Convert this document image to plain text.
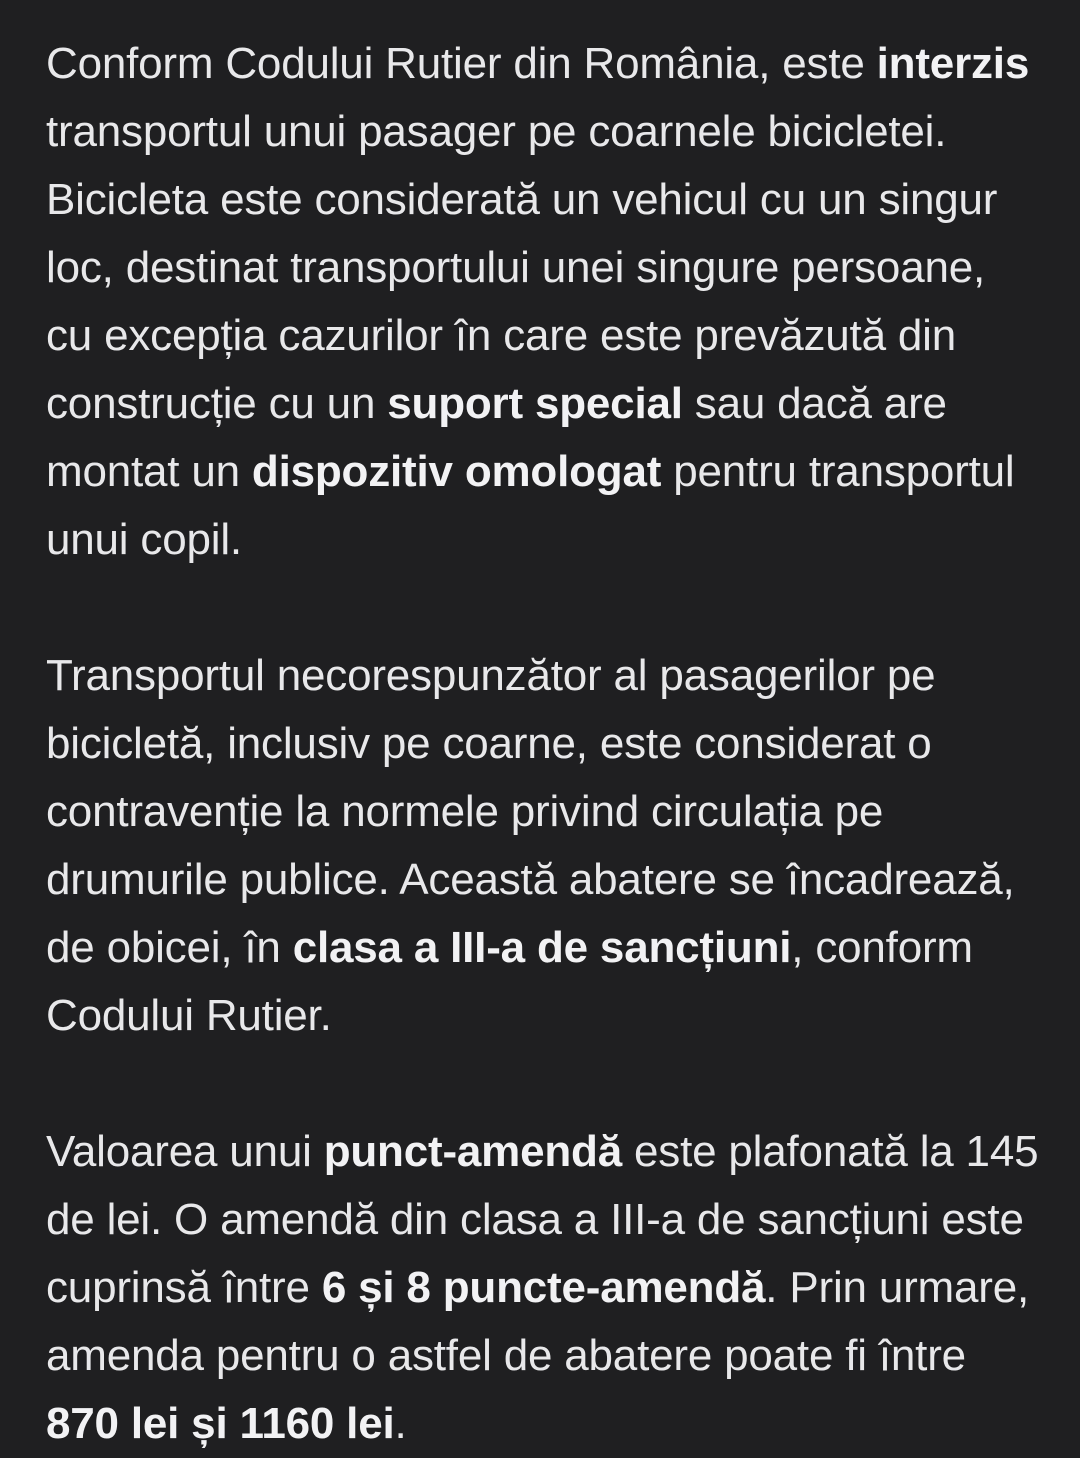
Conform Codului Rutier din România, este interzis transportul unui pasager pe coarnele bicicletei. Bicicleta este considerată un vehicul cu un singur loc, destinat transportului unei singure persoane, cu excepția cazurilor în care este prevăzută din construcție cu un suport special sau dacă are montat un dispozitiv omologat pentru transportul unui copil.

Transportul necorespunzător al pasagerilor pe bicicletă, inclusiv pe coarne, este considerat o contravenție la normele privind circulația pe drumurile publice. Această abatere se încadrează, de obicei, în clasa a III-a de sancțiuni, conform Codului Rutier.

Valoarea unui punct-amendă este plafonată la 145 de lei. O amendă din clasa a III-a de sancțiuni este cuprinsă între 6 și 8 puncte-amendă. Prin urmare, amenda pentru o astfel de abatere poate fi între 870 lei și 1160 lei.
